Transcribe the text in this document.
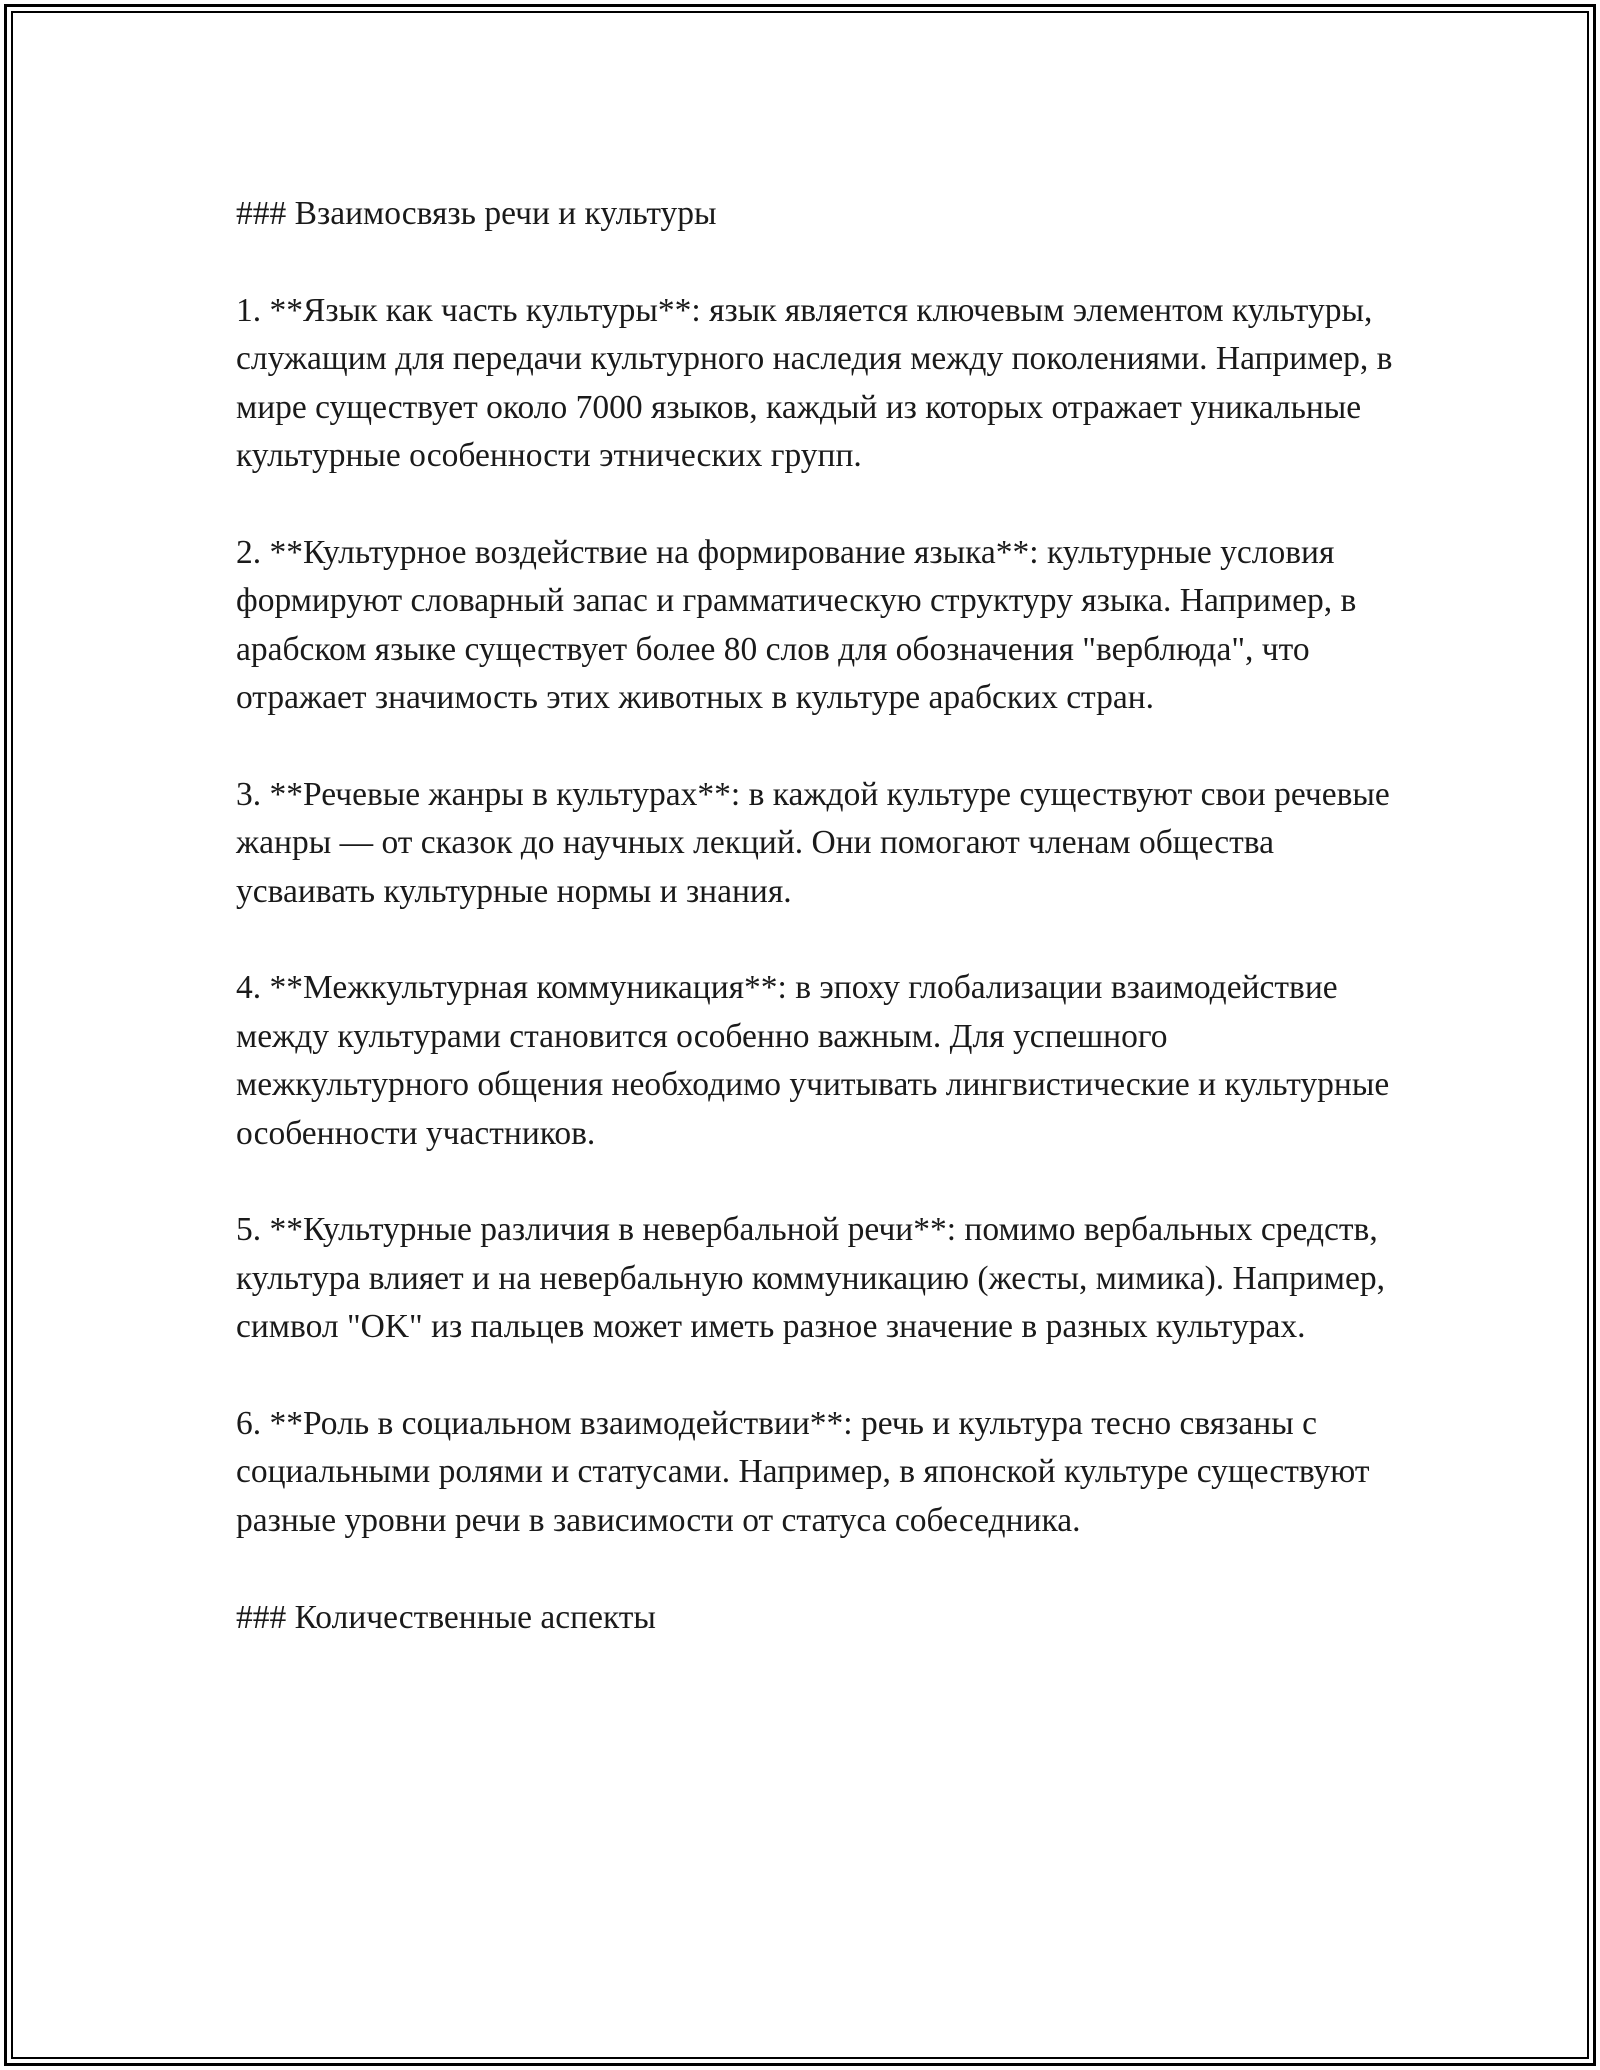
### Взаимосвязь речи и культуры

1. **Язык как часть культуры**: язык является ключевым элементом культуры, служащим для передачи культурного наследия между поколениями. Например, в мире существует около 7000 языков, каждый из которых отражает уникальные культурные особенности этнических групп.

2. **Культурное воздействие на формирование языка**: культурные условия формируют словарный запас и грамматическую структуру языка. Например, в арабском языке существует более 80 слов для обозначения "верблюда", что отражает значимость этих животных в культуре арабских стран.

3. **Речевые жанры в культурах**: в каждой культуре существуют свои речевые жанры — от сказок до научных лекций. Они помогают членам общества усваивать культурные нормы и знания.

4. **Межкультурная коммуникация**: в эпоху глобализации взаимодействие между культурами становится особенно важным. Для успешного межкультурного общения необходимо учитывать лингвистические и культурные особенности участников.

5. **Культурные различия в невербальной речи**: помимо вербальных средств, культура влияет и на невербальную коммуникацию (жесты, мимика). Например, символ "OK" из пальцев может иметь разное значение в разных культурах.

6. **Роль в социальном взаимодействии**: речь и культура тесно связаны с социальными ролями и статусами. Например, в японской культуре существуют разные уровни речи в зависимости от статуса собеседника.

### Количественные аспекты
